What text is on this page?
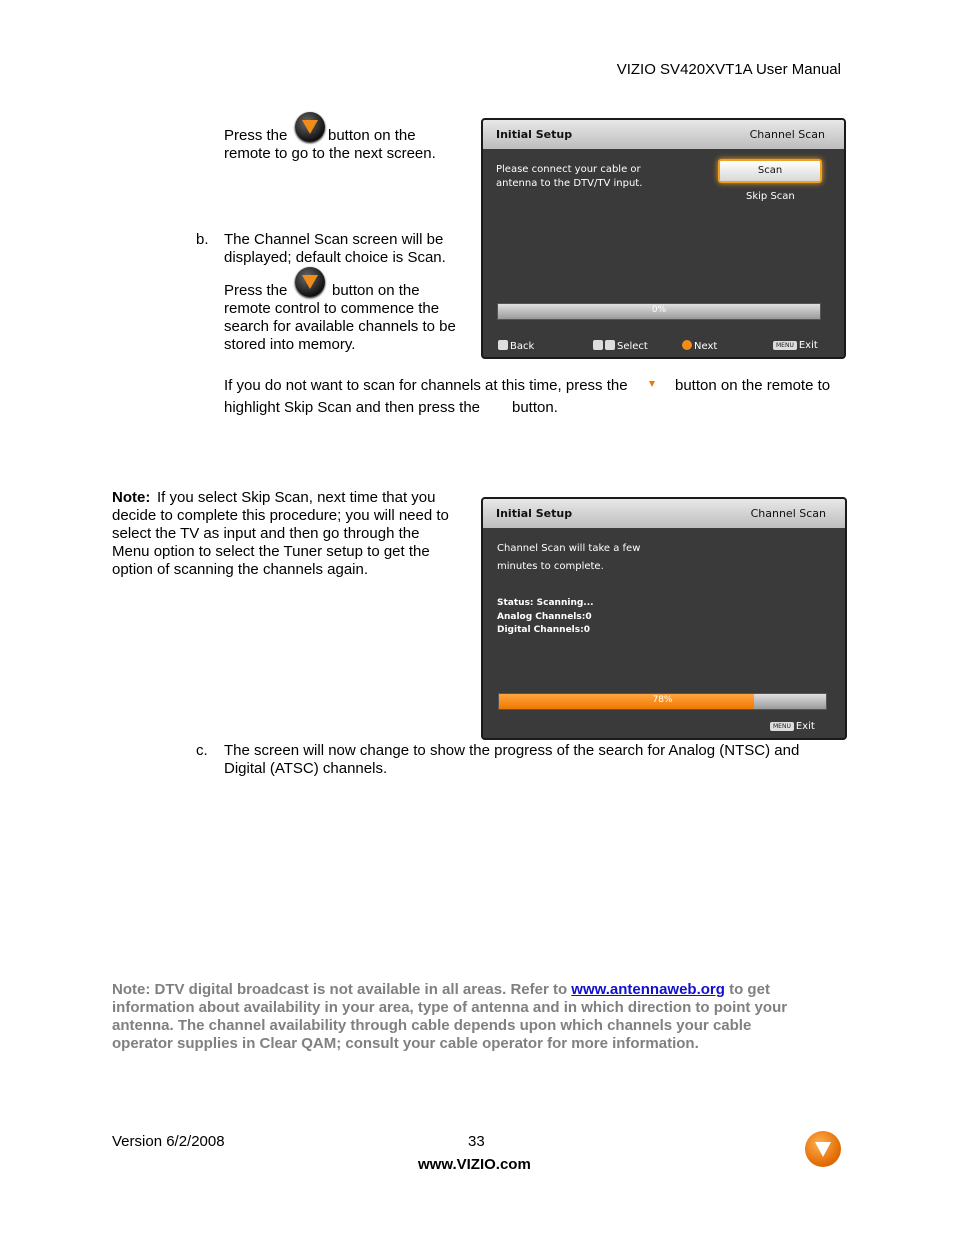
VIZIO SV420XVT1A User Manual
Press the	button on the
remote to go to the next screen.
Initial Setup	Channel Scan
Please connect your cable or
antenna to the DTV/TV input.
Scan
Skip Scan
0%
Back	Select	Next	MENU Exit
b. The Channel Scan screen will be
displayed; default choice is Scan.
Press the	button on the
remote control to commence the
search for available channels to be
stored into memory.
If you do not want to scan for channels at this time, press the	button on the remote to
highlight Skip Scan and then press the button.
Note: If you select Skip Scan, next time that you
decide to complete this procedure; you will need to
select the TV as input and then go through the
Menu option to select the Tuner setup to get the
option of scanning the channels again.
Initial Setup	Channel Scan
Channel Scan will take a few
minutes to complete.
Status: Scanning...
Analog Channels:0
Digital Channels:0
78%
MENU Exit
c. The screen will now change to show the progress of the search for Analog (NTSC) and
Digital (ATSC) channels.
Note: DTV digital broadcast is not available in all areas. Refer to www.antennaweb.org to get
information about availability in your area, type of antenna and in which direction to point your
antenna. The channel availability through cable depends upon which channels your cable
operator supplies in Clear QAM; consult your cable operator for more information.
Version 6/2/2008	33
www.VIZIO.com
